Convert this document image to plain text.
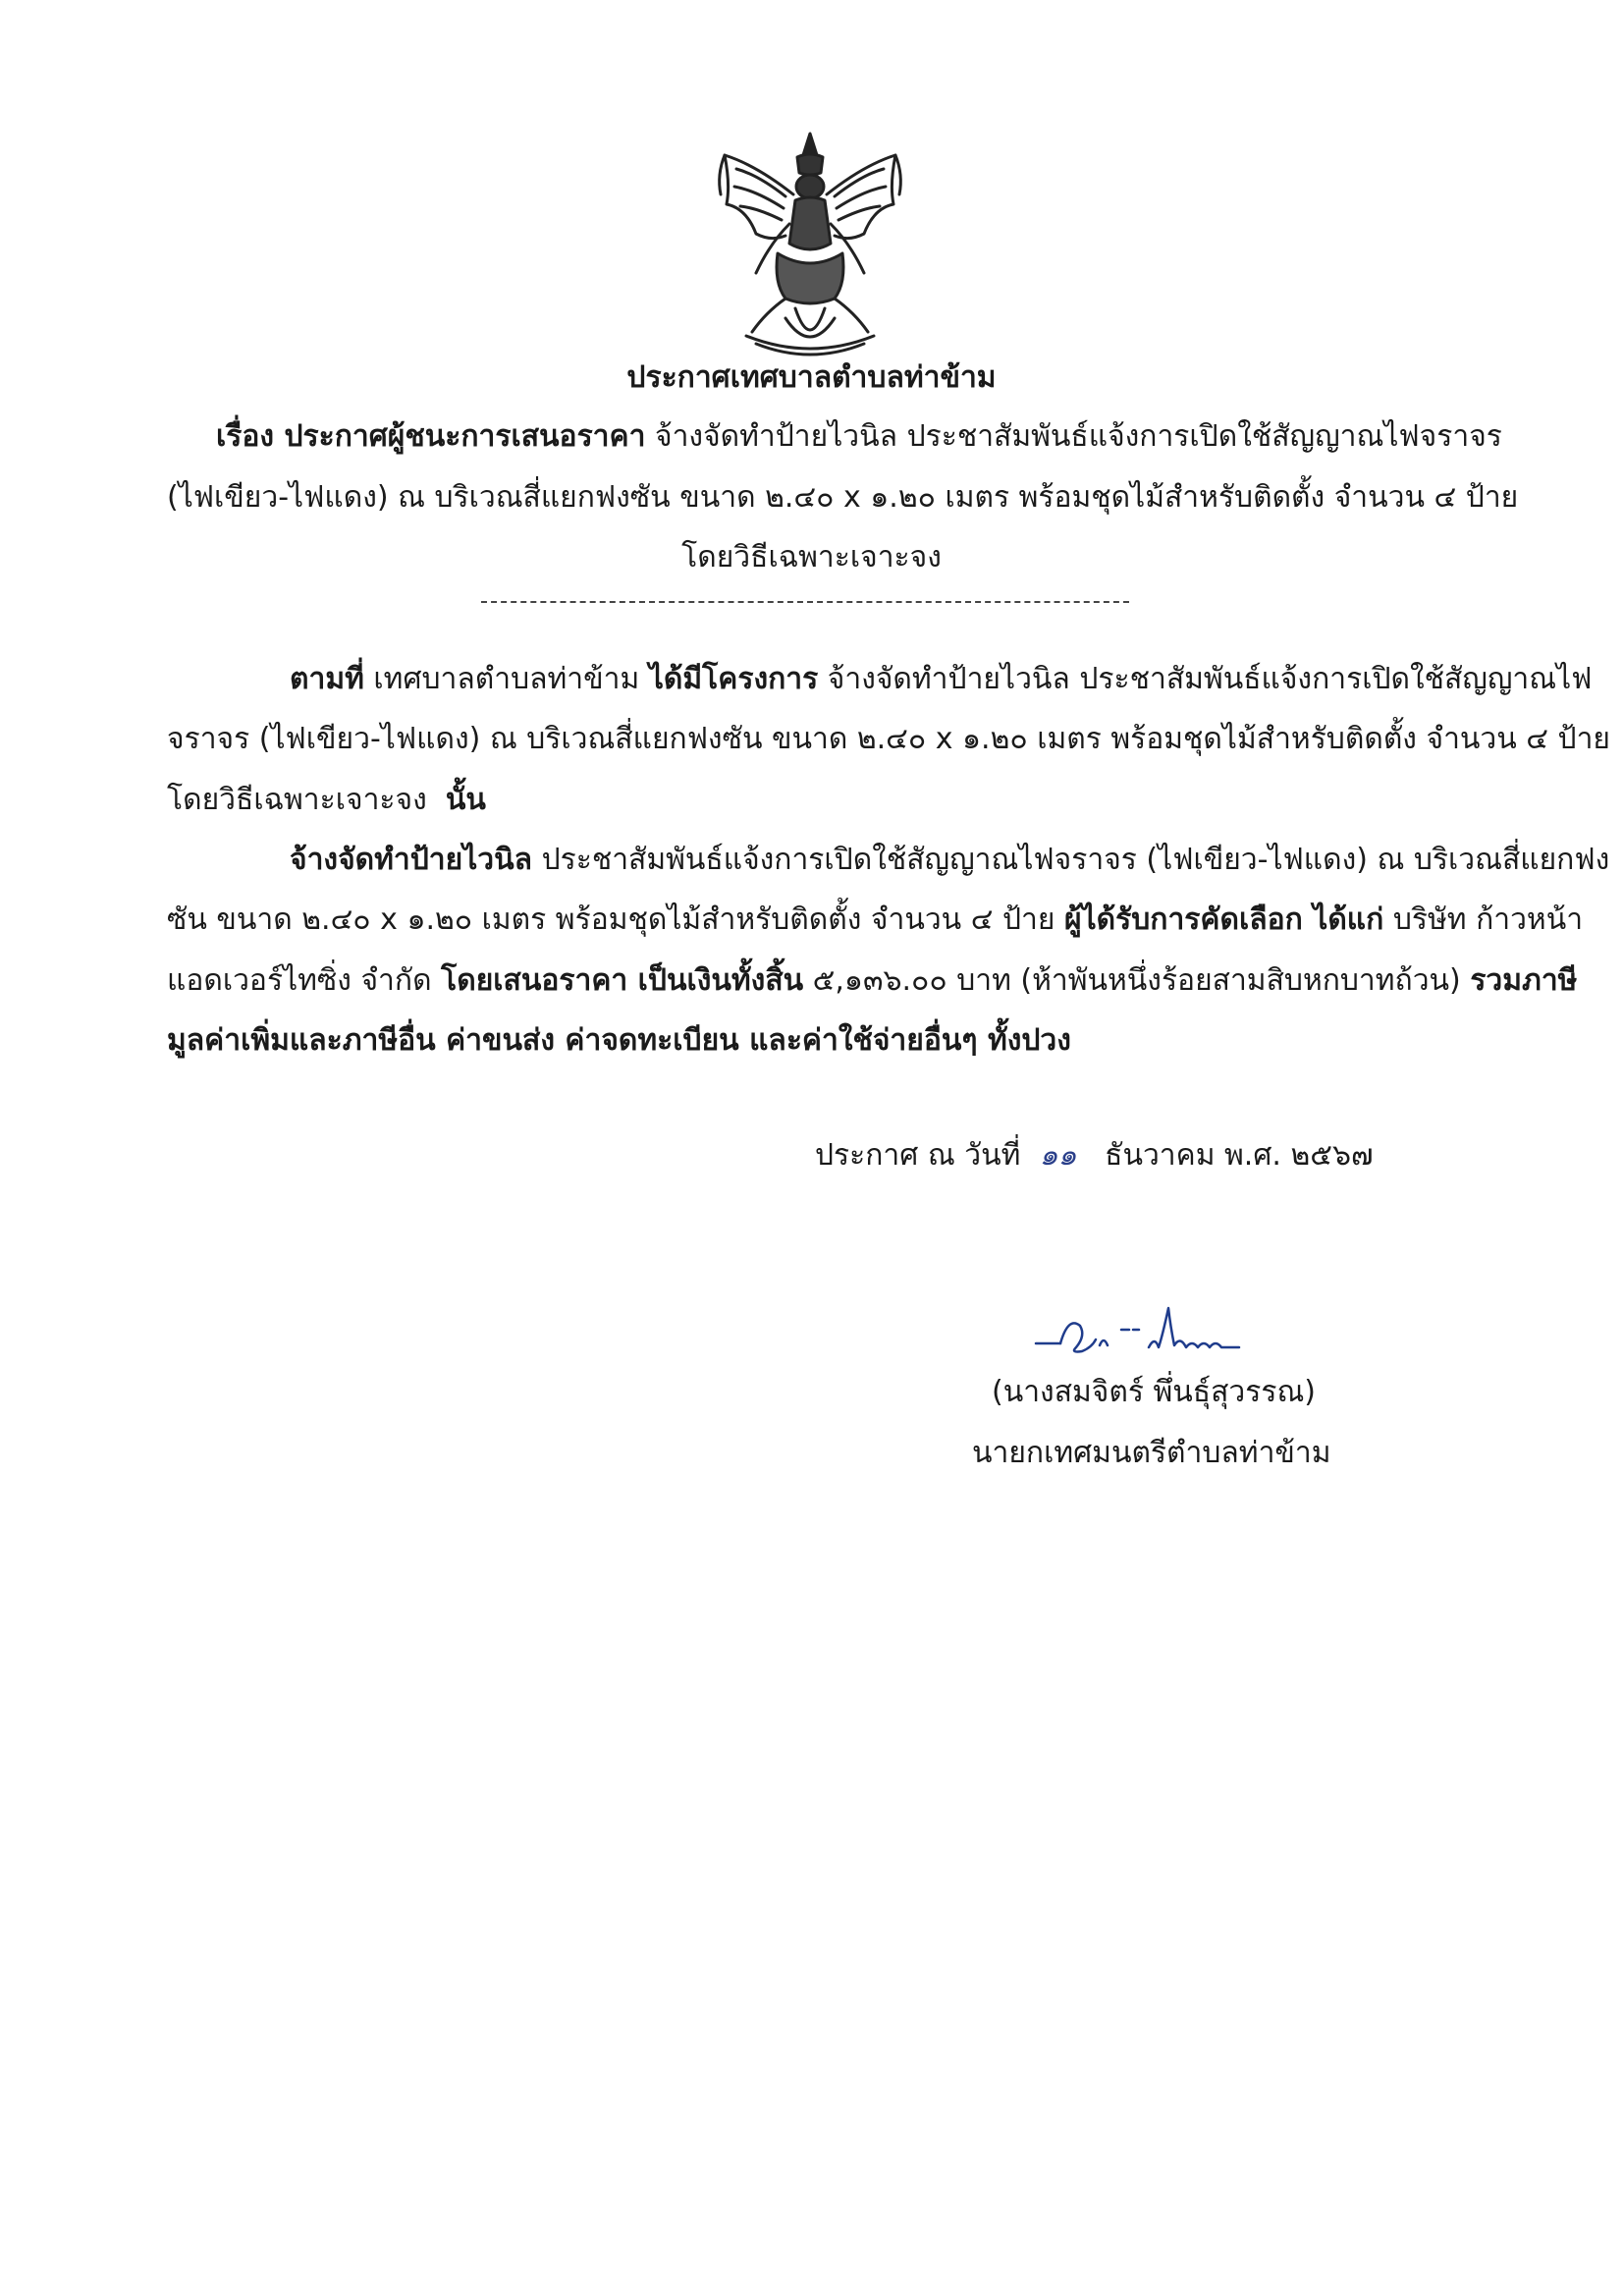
ประกาศเทศบาลตำบลท่าข้าม
เรื่อง ประกาศผู้ชนะการเสนอราคา จ้างจัดทำป้ายไวนิล ประชาสัมพันธ์แจ้งการเปิดใช้สัญญาณไฟจราจร
(ไฟเขียว-ไฟแดง) ณ บริเวณสี่แยกฟงซัน ขนาด ๒.๔๐ x ๑.๒๐ เมตร พร้อมชุดไม้สำหรับติดตั้ง จำนวน ๔ ป้าย
โดยวิธีเฉพาะเจาะจง
ตามที่ เทศบาลตำบลท่าข้าม ได้มีโครงการ จ้างจัดทำป้ายไวนิล ประชาสัมพันธ์แจ้งการเปิดใช้สัญญาณไฟ
จราจร (ไฟเขียว-ไฟแดง) ณ บริเวณสี่แยกฟงซัน ขนาด ๒.๔๐ x ๑.๒๐ เมตร พร้อมชุดไม้สำหรับติดตั้ง จำนวน ๔ ป้าย
โดยวิธีเฉพาะเจาะจง นั้น
จ้างจัดทำป้ายไวนิล ประชาสัมพันธ์แจ้งการเปิดใช้สัญญาณไฟจราจร (ไฟเขียว-ไฟแดง) ณ บริเวณสี่แยกฟง
ซัน ขนาด ๒.๔๐ x ๑.๒๐ เมตร พร้อมชุดไม้สำหรับติดตั้ง จำนวน ๔ ป้าย ผู้ได้รับการคัดเลือก ได้แก่ บริษัท ก้าวหน้า
แอดเวอร์ไทซิ่ง จำกัด โดยเสนอราคา เป็นเงินทั้งสิ้น ๕,๑๓๖.๐๐ บาท (ห้าพันหนึ่งร้อยสามสิบหกบาทถ้วน) รวมภาษี
มูลค่าเพิ่มและภาษีอื่น ค่าขนส่ง ค่าจดทะเบียน และค่าใช้จ่ายอื่นๆ ทั้งปวง
ประกาศ ณ วันที่ ๑๑ ธันวาคม พ.ศ. ๒๕๖๗
(นางสมจิตร์ พึ่นธุ์สุวรรณ)
นายกเทศมนตรีตำบลท่าข้าม
